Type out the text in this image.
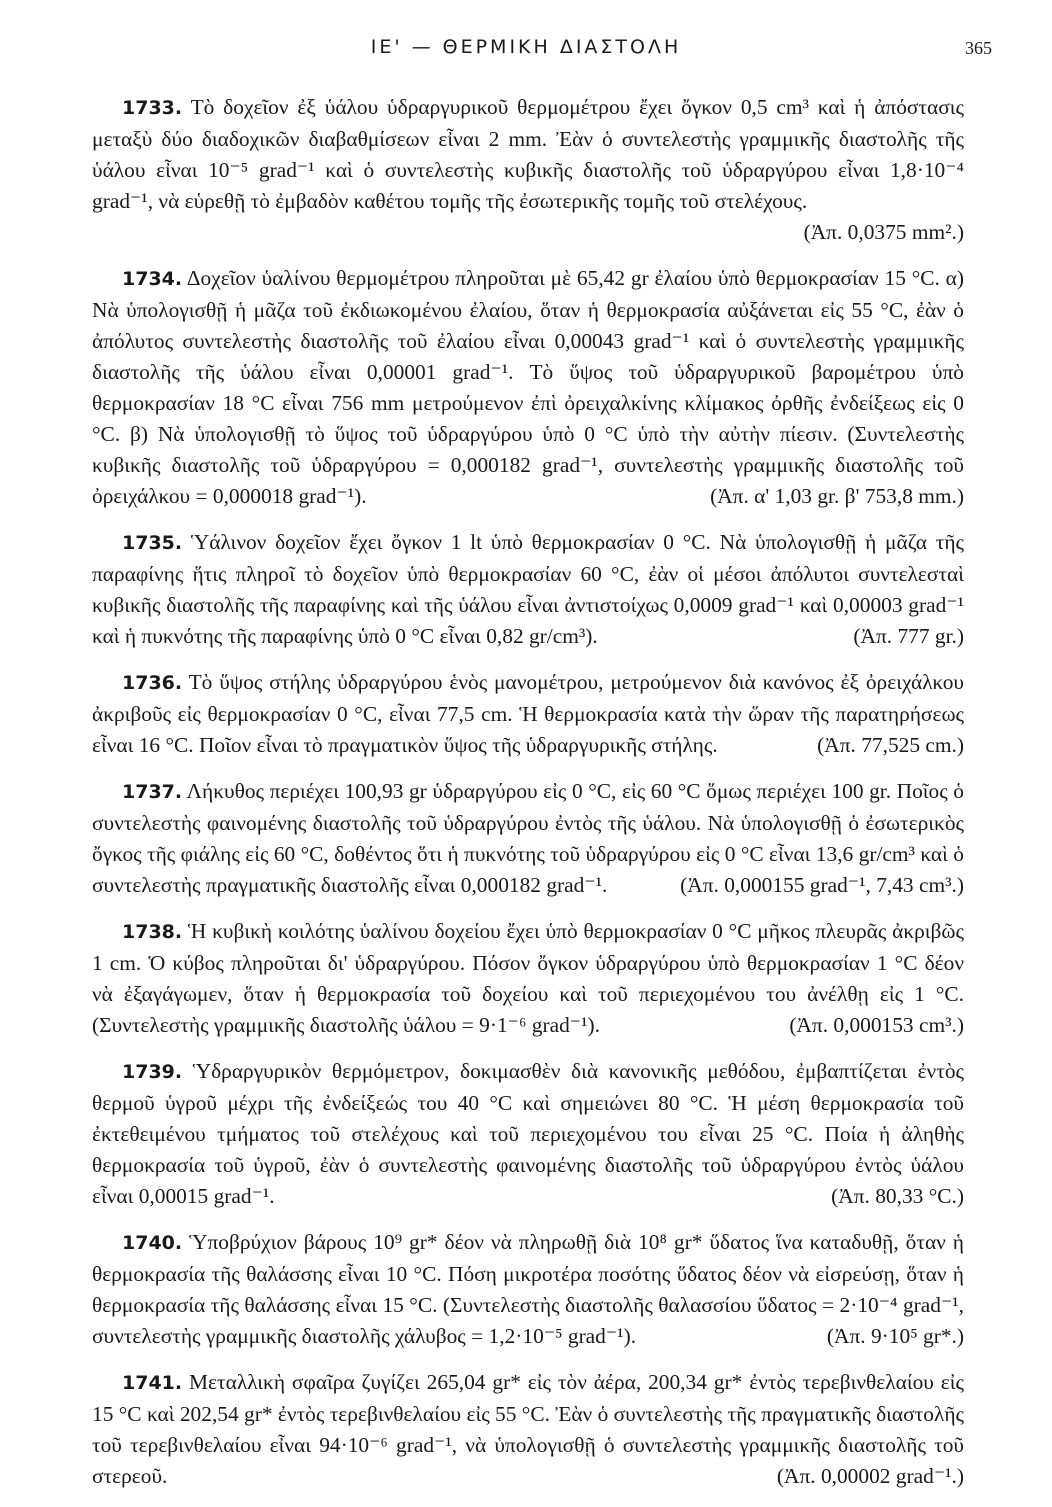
ΙΕ' — ΘΕΡΜΙΚΗ ΔΙΑΣΤΟΛΗ	365

1733. Τὸ δοχεῖον ἐξ ὑάλου ὑδραργυρικοῦ θερμομέτρου ἔχει ὄγκον 0,5 cm³ καὶ ἡ ἀπόστασις μεταξὺ δύο διαδοχικῶν διαβαθμίσεων εἶναι 2 mm. Ἐὰν ὁ συντελεστὴς γραμμικῆς διαστολῆς τῆς ὑάλου εἶναι 10⁻⁵ grad⁻¹ καὶ ὁ συντελεστὴς κυβικῆς διαστολῆς τοῦ ὑδραργύρου εἶναι 1,8·10⁻⁴ grad⁻¹, νὰ εὑρεθῇ τὸ ἐμβαδὸν καθέτου τομῆς τῆς ἐσωτερικῆς τομῆς τοῦ στελέχους.
(Ἀπ. 0,0375 mm².)

1734. Δοχεῖον ὑαλίνου θερμομέτρου πληροῦται μὲ 65,42 gr ἐλαίου ὑπὸ θερμοκρασίαν 15 °C. α) Νὰ ὑπολογισθῇ ἡ μᾶζα τοῦ ἐκδιωκομένου ἐλαίου, ὅταν ἡ θερμοκρασία αὐξάνεται εἰς 55 °C, ἐὰν ὁ ἀπόλυτος συντελεστὴς διαστολῆς τοῦ ἐλαίου εἶναι 0,00043 grad⁻¹ καὶ ὁ συντελεστὴς γραμμικῆς διαστολῆς τῆς ὑάλου εἶναι 0,00001 grad⁻¹. Τὸ ὕψος τοῦ ὑδραργυρικοῦ βαρομέτρου ὑπὸ θερμοκρασίαν 18 °C εἶναι 756 mm μετρούμενον ἐπὶ ὀρειχαλκίνης κλίμακος ὀρθῆς ἐνδείξεως εἰς 0 °C. β) Νὰ ὑπολογισθῇ τὸ ὕψος τοῦ ὑδραργύρου ὑπὸ 0 °C ὑπὸ τὴν αὐτὴν πίεσιν. (Συντελεστὴς κυβικῆς διαστολῆς τοῦ ὑδραργύρου = 0,000182 grad⁻¹, συντελεστὴς γραμμικῆς διαστολῆς τοῦ ὀρειχάλκου = 0,000018 grad⁻¹).	(Ἀπ. α' 1,03 gr. β' 753,8 mm.)

1735. Ὑάλινον δοχεῖον ἔχει ὄγκον 1 lt ὑπὸ θερμοκρασίαν 0 °C. Νὰ ὑπολογισθῇ ἡ μᾶζα τῆς παραφίνης ἥτις πληροῖ τὸ δοχεῖον ὑπὸ θερμοκρασίαν 60 °C, ἐὰν οἱ μέσοι ἀπόλυτοι συντελεσταὶ κυβικῆς διαστολῆς τῆς παραφίνης καὶ τῆς ὑάλου εἶναι ἀντιστοίχως 0,0009 grad⁻¹ καὶ 0,00003 grad⁻¹ καὶ ἡ πυκνότης τῆς παραφίνης ὑπὸ 0 °C εἶναι 0,82 gr/cm³).	(Ἀπ. 777 gr.)

1736. Τὸ ὕψος στήλης ὑδραργύρου ἑνὸς μανομέτρου, μετρούμενον διὰ κανόνος ἐξ ὀρειχάλκου ἀκριβοῦς εἰς θερμοκρασίαν 0 °C, εἶναι 77,5 cm. Ἡ θερμοκρασία κατὰ τὴν ὥραν τῆς παρατηρήσεως εἶναι 16 °C. Ποῖον εἶναι τὸ πραγματικὸν ὕψος τῆς ὑδραργυρικῆς στήλης.	(Ἀπ. 77,525 cm.)

1737. Λήκυθος περιέχει 100,93 gr ὑδραργύρου εἰς 0 °C, εἰς 60 °C ὅμως περιέχει 100 gr. Ποῖος ὁ συντελεστὴς φαινομένης διαστολῆς τοῦ ὑδραργύρου ἐντὸς τῆς ὑάλου. Νὰ ὑπολογισθῇ ὁ ἐσωτερικὸς ὄγκος τῆς φιάλης εἰς 60 °C, δοθέντος ὅτι ἡ πυκνότης τοῦ ὑδραργύρου εἰς 0 °C εἶναι 13,6 gr/cm³ καὶ ὁ συντελεστὴς πραγματικῆς διαστολῆς εἶναι 0,000182 grad⁻¹.	(Ἀπ. 0,000155 grad⁻¹, 7,43 cm³.)

1738. Ἡ κυβικὴ κοιλότης ὑαλίνου δοχείου ἔχει ὑπὸ θερμοκρασίαν 0 °C μῆκος πλευρᾶς ἀκριβῶς 1 cm. Ὁ κύβος πληροῦται δι' ὑδραργύρου. Πόσον ὄγκον ὑδραργύρου ὑπὸ θερμοκρασίαν 1 °C δέον νὰ ἐξαγάγωμεν, ὅταν ἡ θερμοκρασία τοῦ δοχείου καὶ τοῦ περιεχομένου του ἀνέλθῃ εἰς 1 °C. (Συντελεστὴς γραμμικῆς διαστολῆς ὑάλου = 9·1⁻⁶ grad⁻¹).	(Ἀπ. 0,000153 cm³.)

1739. Ὑδραργυρικὸν θερμόμετρον, δοκιμασθὲν διὰ κανονικῆς μεθόδου, ἐμβαπτίζεται ἐντὸς θερμοῦ ὑγροῦ μέχρι τῆς ἐνδείξεώς του 40 °C καὶ σημειώνει 80 °C. Ἡ μέση θερμοκρασία τοῦ ἐκτεθειμένου τμήματος τοῦ στελέχους καὶ τοῦ περιεχομένου του εἶναι 25 °C. Ποία ἡ ἀληθὴς θερμοκρασία τοῦ ὑγροῦ, ἐὰν ὁ συντελεστὴς φαινομένης διαστολῆς τοῦ ὑδραργύρου ἐντὸς ὑάλου εἶναι 0,00015 grad⁻¹.	(Ἀπ. 80,33 °C.)

1740. Ὑποβρύχιον βάρους 10⁹ gr* δέον νὰ πληρωθῇ διὰ 10⁸ gr* ὕδατος ἵνα καταδυθῇ, ὅταν ἡ θερμοκρασία τῆς θαλάσσης εἶναι 10 °C. Πόση μικροτέρα ποσότης ὕδατος δέον νὰ εἰσρεύσῃ, ὅταν ἡ θερμοκρασία τῆς θαλάσσης εἶναι 15 °C. (Συντελεστὴς διαστολῆς θαλασσίου ὕδατος = 2·10⁻⁴ grad⁻¹, συντελεστὴς γραμμικῆς διαστολῆς χάλυβος = 1,2·10⁻⁵ grad⁻¹).	(Ἀπ. 9·10⁵ gr*.)

1741. Μεταλλικὴ σφαῖρα ζυγίζει 265,04 gr* εἰς τὸν ἀέρα, 200,34 gr* ἐντὸς τερεβινθελαίου εἰς 15 °C καὶ 202,54 gr* ἐντὸς τερεβινθελαίου εἰς 55 °C. Ἐὰν ὁ συντελεστὴς τῆς πραγματικῆς διαστολῆς τοῦ τερεβινθελαίου εἶναι 94·10⁻⁶ grad⁻¹, νὰ ὑπολογισθῇ ὁ συντελεστὴς γραμμικῆς διαστολῆς τοῦ στερεοῦ.	(Ἀπ. 0,00002 grad⁻¹.)
